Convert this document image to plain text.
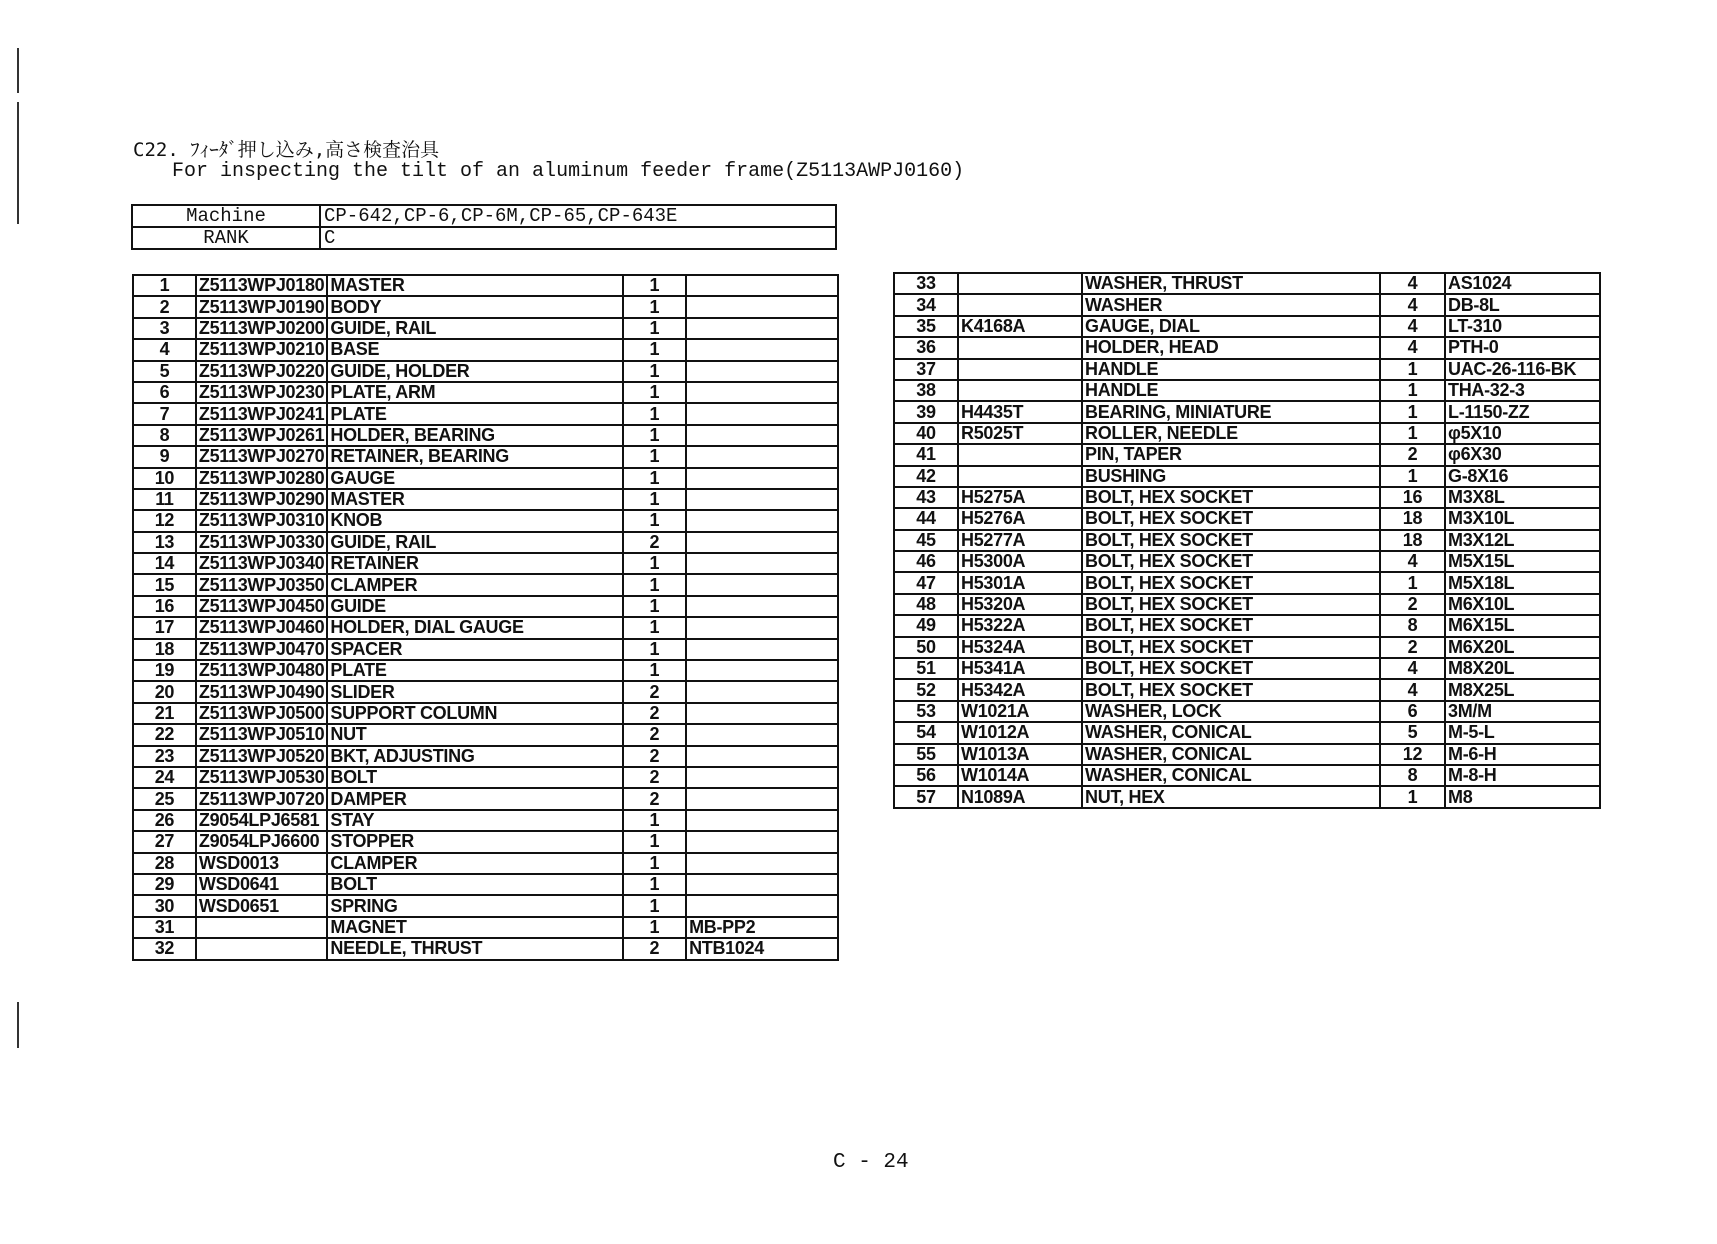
C22. ﾌｨｰﾀﾞ押し込み,高さ検査治具
For inspecting the tilt of an aluminum feeder frame(Z5113AWPJ0160)
Machine	CP-642,CP-6,CP-6M,CP-65,CP-643E
RANK	C
1	Z5113WPJ0180	MASTER	1	
2	Z5113WPJ0190	BODY	1	
3	Z5113WPJ0200	GUIDE, RAIL	1	
4	Z5113WPJ0210	BASE	1	
5	Z5113WPJ0220	GUIDE, HOLDER	1	
6	Z5113WPJ0230	PLATE, ARM	1	
7	Z5113WPJ0241	PLATE	1	
8	Z5113WPJ0261	HOLDER, BEARING	1	
9	Z5113WPJ0270	RETAINER, BEARING	1	
10	Z5113WPJ0280	GAUGE	1	
11	Z5113WPJ0290	MASTER	1	
12	Z5113WPJ0310	KNOB	1	
13	Z5113WPJ0330	GUIDE, RAIL	2	
14	Z5113WPJ0340	RETAINER	1	
15	Z5113WPJ0350	CLAMPER	1	
16	Z5113WPJ0450	GUIDE	1	
17	Z5113WPJ0460	HOLDER, DIAL GAUGE	1	
18	Z5113WPJ0470	SPACER	1	
19	Z5113WPJ0480	PLATE	1	
20	Z5113WPJ0490	SLIDER	2	
21	Z5113WPJ0500	SUPPORT COLUMN	2	
22	Z5113WPJ0510	NUT	2	
23	Z5113WPJ0520	BKT, ADJUSTING	2	
24	Z5113WPJ0530	BOLT	2	
25	Z5113WPJ0720	DAMPER	2	
26	Z9054LPJ6581	STAY	1	
27	Z9054LPJ6600	STOPPER	1	
28	WSD0013	CLAMPER	1	
29	WSD0641	BOLT	1	
30	WSD0651	SPRING	1	
31		MAGNET	1	MB-PP2
32		NEEDLE, THRUST	2	NTB1024
33		WASHER, THRUST	4	AS1024
34		WASHER	4	DB-8L
35	K4168A	GAUGE, DIAL	4	LT-310
36		HOLDER, HEAD	4	PTH-0
37		HANDLE	1	UAC-26-116-BK
38		HANDLE	1	THA-32-3
39	H4435T	BEARING, MINIATURE	1	L-1150-ZZ
40	R5025T	ROLLER, NEEDLE	1	φ5X10
41		PIN, TAPER	2	φ6X30
42		BUSHING	1	G-8X16
43	H5275A	BOLT, HEX SOCKET	16	M3X8L
44	H5276A	BOLT, HEX SOCKET	18	M3X10L
45	H5277A	BOLT, HEX SOCKET	18	M3X12L
46	H5300A	BOLT, HEX SOCKET	4	M5X15L
47	H5301A	BOLT, HEX SOCKET	1	M5X18L
48	H5320A	BOLT, HEX SOCKET	2	M6X10L
49	H5322A	BOLT, HEX SOCKET	8	M6X15L
50	H5324A	BOLT, HEX SOCKET	2	M6X20L
51	H5341A	BOLT, HEX SOCKET	4	M8X20L
52	H5342A	BOLT, HEX SOCKET	4	M8X25L
53	W1021A	WASHER, LOCK	6	3M/M
54	W1012A	WASHER, CONICAL	5	M-5-L
55	W1013A	WASHER, CONICAL	12	M-6-H
56	W1014A	WASHER, CONICAL	8	M-8-H
57	N1089A	NUT, HEX	1	M8
C - 24
